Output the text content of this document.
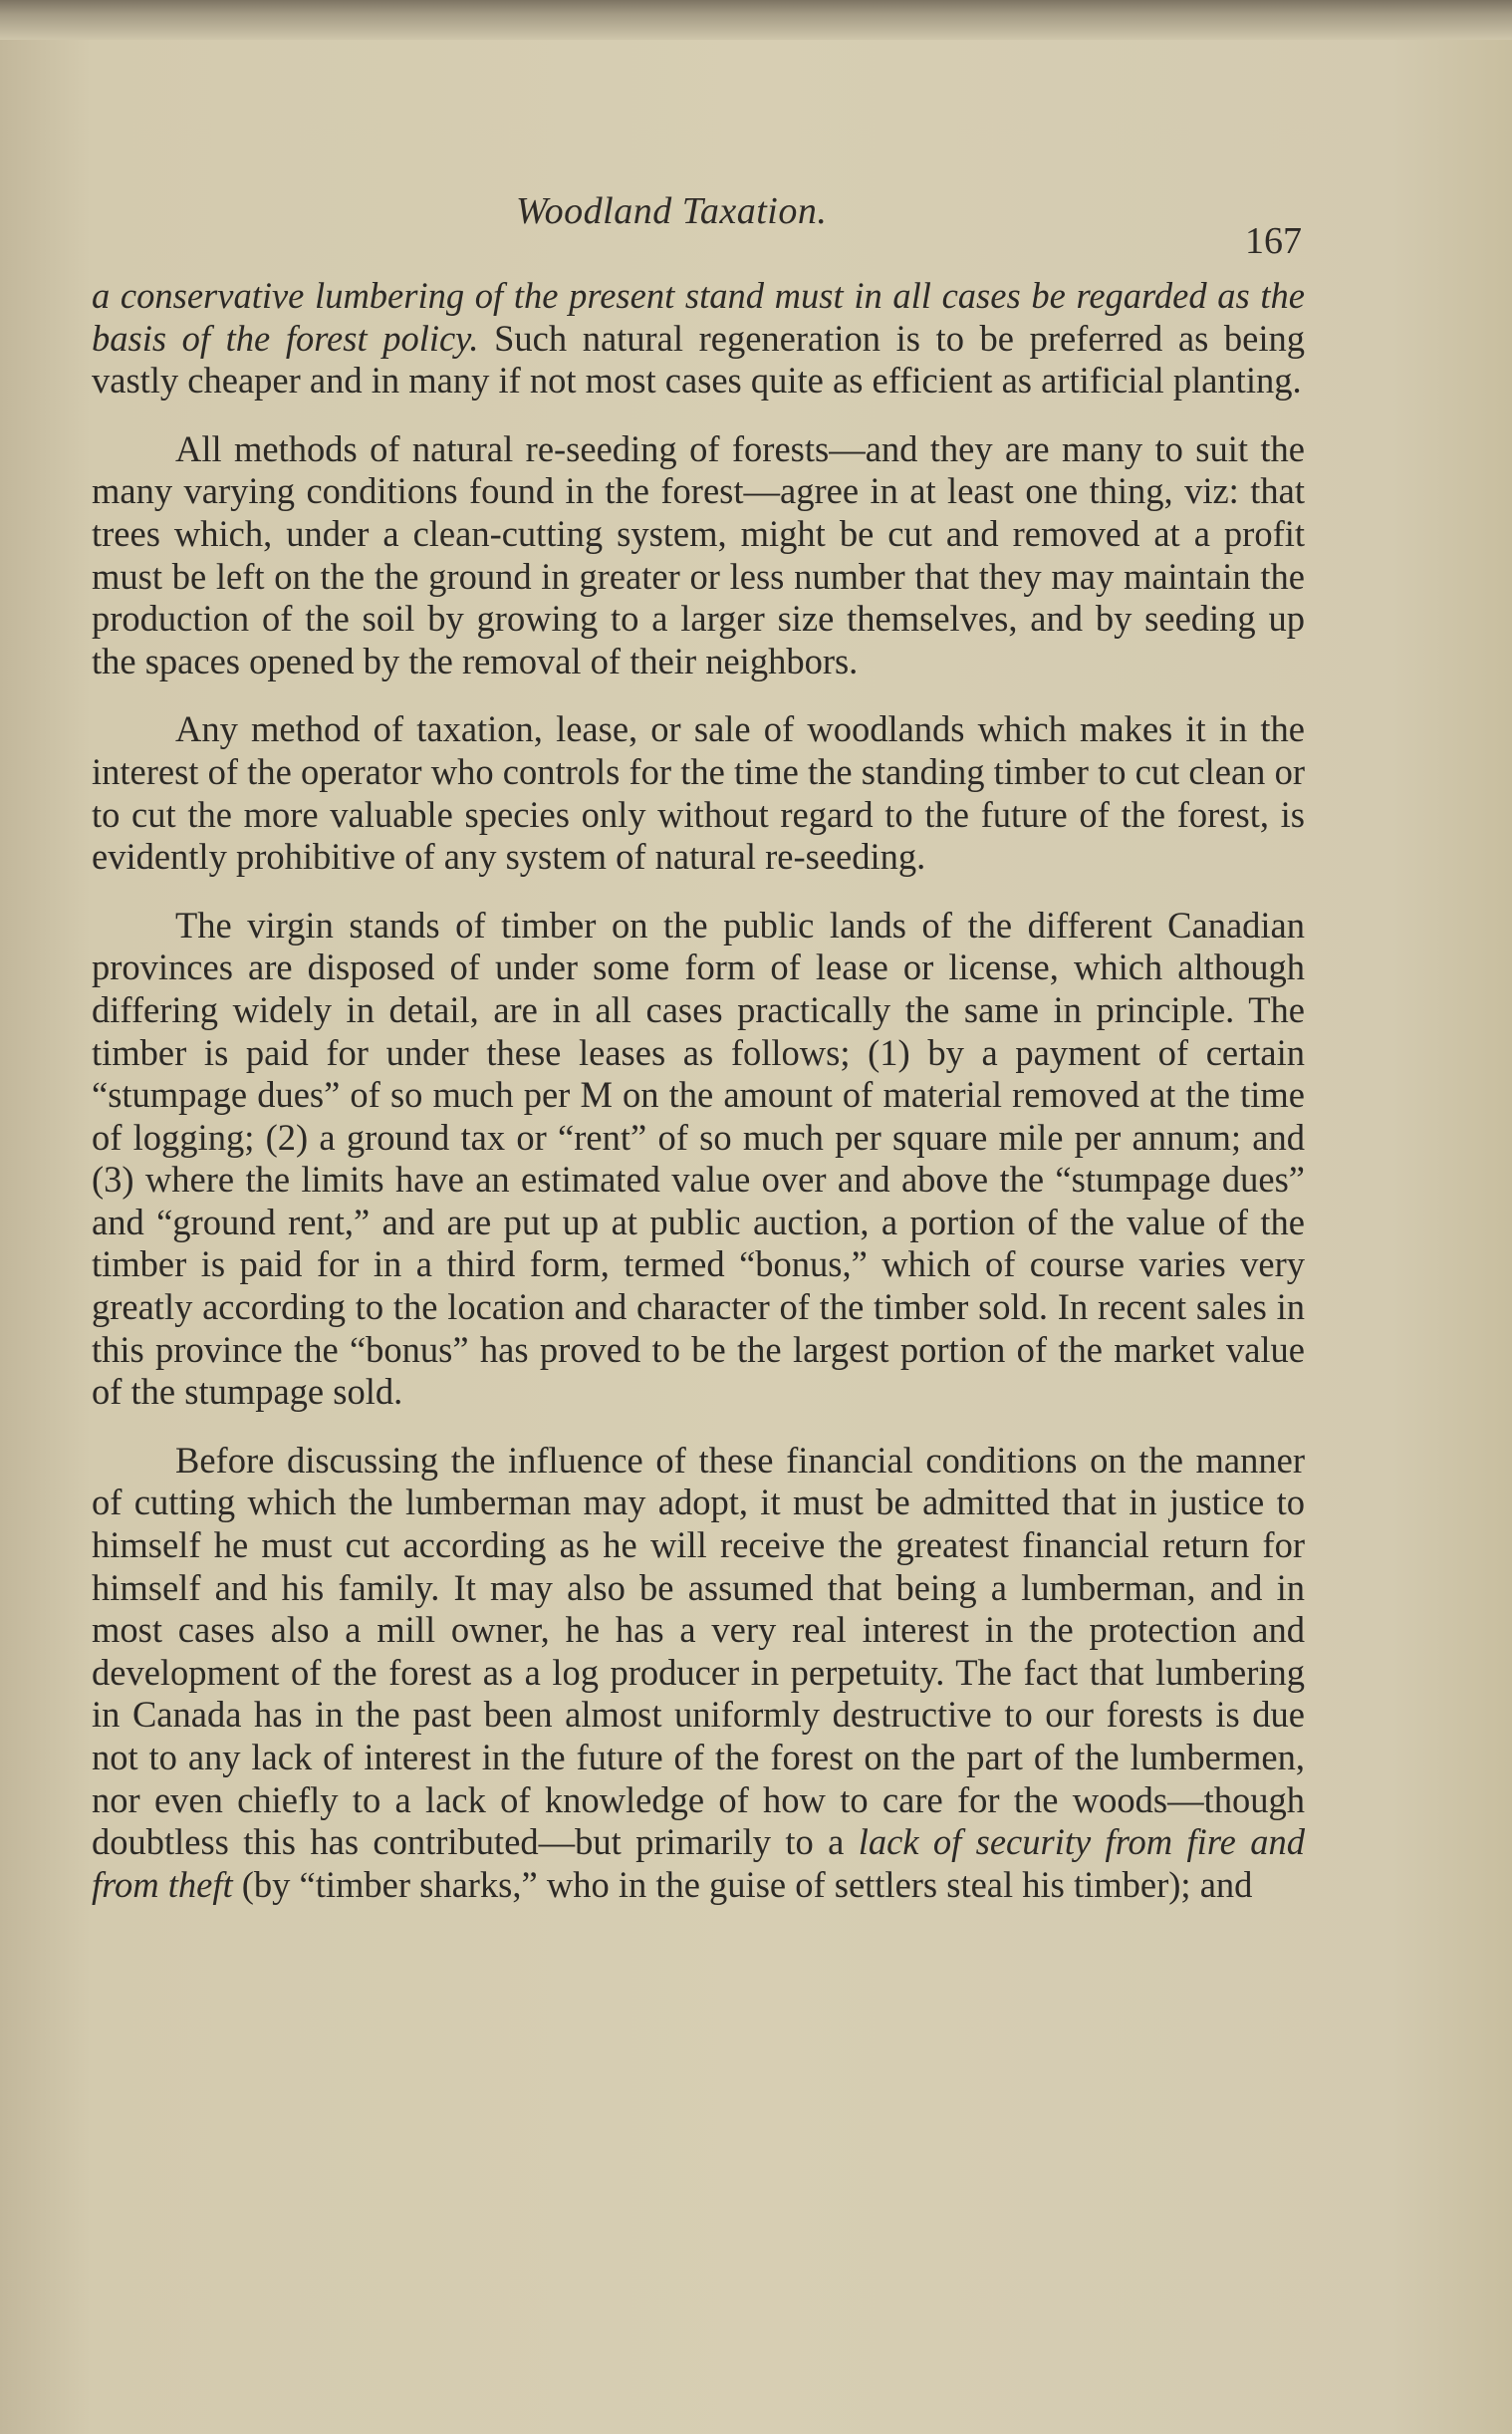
Woodland Taxation.
167

a conservative lumbering of the present stand must in all cases be regarded as the basis of the forest policy. Such natural regeneration is to be preferred as being vastly cheaper and in many if not most cases quite as efficient as artificial planting.

All methods of natural re-seeding of forests—and they are many to suit the many varying conditions found in the forest—agree in at least one thing, viz: that trees which, under a clean-cutting system, might be cut and removed at a profit must be left on the the ground in greater or less number that they may maintain the production of the soil by growing to a larger size themselves, and by seeding up the spaces opened by the removal of their neighbors.

Any method of taxation, lease, or sale of woodlands which makes it in the interest of the operator who controls for the time the standing timber to cut clean or to cut the more valuable species only without regard to the future of the forest, is evidently prohibitive of any system of natural re-seeding.

The virgin stands of timber on the public lands of the different Canadian provinces are disposed of under some form of lease or license, which although differing widely in detail, are in all cases practically the same in principle. The timber is paid for under these leases as follows; (1) by a payment of certain “stumpage dues” of so much per M on the amount of material removed at the time of logging; (2) a ground tax or “rent” of so much per square mile per annum; and (3) where the limits have an estimated value over and above the “stumpage dues” and “ground rent,” and are put up at public auction, a portion of the value of the timber is paid for in a third form, termed “bonus,” which of course varies very greatly according to the location and character of the timber sold. In recent sales in this province the “bonus” has proved to be the largest portion of the market value of the stumpage sold.

Before discussing the influence of these financial conditions on the manner of cutting which the lumberman may adopt, it must be admitted that in justice to himself he must cut according as he will receive the greatest financial return for himself and his family. It may also be assumed that being a lumberman, and in most cases also a mill owner, he has a very real interest in the protection and development of the forest as a log producer in perpetuity. The fact that lumbering in Canada has in the past been almost uniformly destructive to our forests is due not to any lack of interest in the future of the forest on the part of the lumbermen, nor even chiefly to a lack of knowledge of how to care for the woods—though doubtless this has contributed—but primarily to a lack of security from fire and from theft (by “timber sharks,” who in the guise of settlers steal his timber); and
